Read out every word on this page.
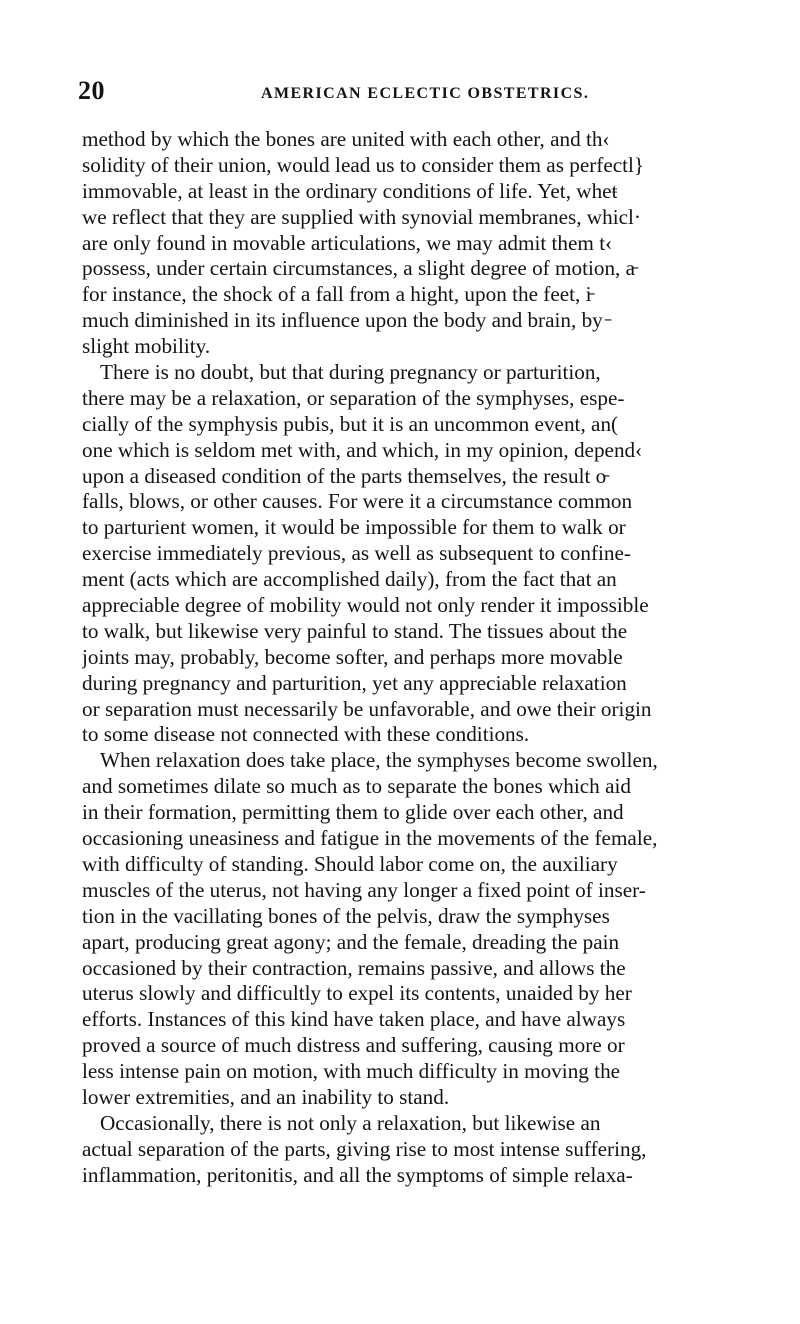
20	AMERICAN ECLECTIC OBSTETRICS.
method by which the bones are united with each other, and th‹
solidity of their union, would lead us to consider them as perfectl}
immovable, at least in the ordinary conditions of life. Yet, wheŧ
we reflect that they are supplied with synovial membranes, whicl·
are only found in movable articulations, we may admit them t‹
possess, under certain circumstances, a slight degree of motion, a̵
for instance, the shock of a fall from a hight, upon the feet, i̵
much diminished in its influence upon the body and brain, by ̵
slight mobility.
There is no doubt, but that during pregnancy or parturition,
there may be a relaxation, or separation of the symphyses, espe-
cially of the symphysis pubis, but it is an uncommon event, an(
one which is seldom met with, and which, in my opinion, depend‹
upon a diseased condition of the parts themselves, the result o̵
falls, blows, or other causes. For were it a circumstance common
to parturient women, it would be impossible for them to walk or
exercise immediately previous, as well as subsequent to confine-
ment (acts which are accomplished daily), from the fact that an
appreciable degree of mobility would not only render it impossible
to walk, but likewise very painful to stand. The tissues about the
joints may, probably, become softer, and perhaps more movable
during pregnancy and parturition, yet any appreciable relaxation
or separation must necessarily be unfavorable, and owe their origin
to some disease not connected with these conditions.
When relaxation does take place, the symphyses become swollen,
and sometimes dilate so much as to separate the bones which aid
in their formation, permitting them to glide over each other, and
occasioning uneasiness and fatigue in the movements of the female,
with difficulty of standing. Should labor come on, the auxiliary
muscles of the uterus, not having any longer a fixed point of inser-
tion in the vacillating bones of the pelvis, draw the symphyses
apart, producing great agony; and the female, dreading the pain
occasioned by their contraction, remains passive, and allows the
uterus slowly and difficultly to expel its contents, unaided by her
efforts. Instances of this kind have taken place, and have always
proved a source of much distress and suffering, causing more or
less intense pain on motion, with much difficulty in moving the
lower extremities, and an inability to stand.
Occasionally, there is not only a relaxation, but likewise an
actual separation of the parts, giving rise to most intense suffering,
inflammation, peritonitis, and all the symptoms of simple relaxa-
